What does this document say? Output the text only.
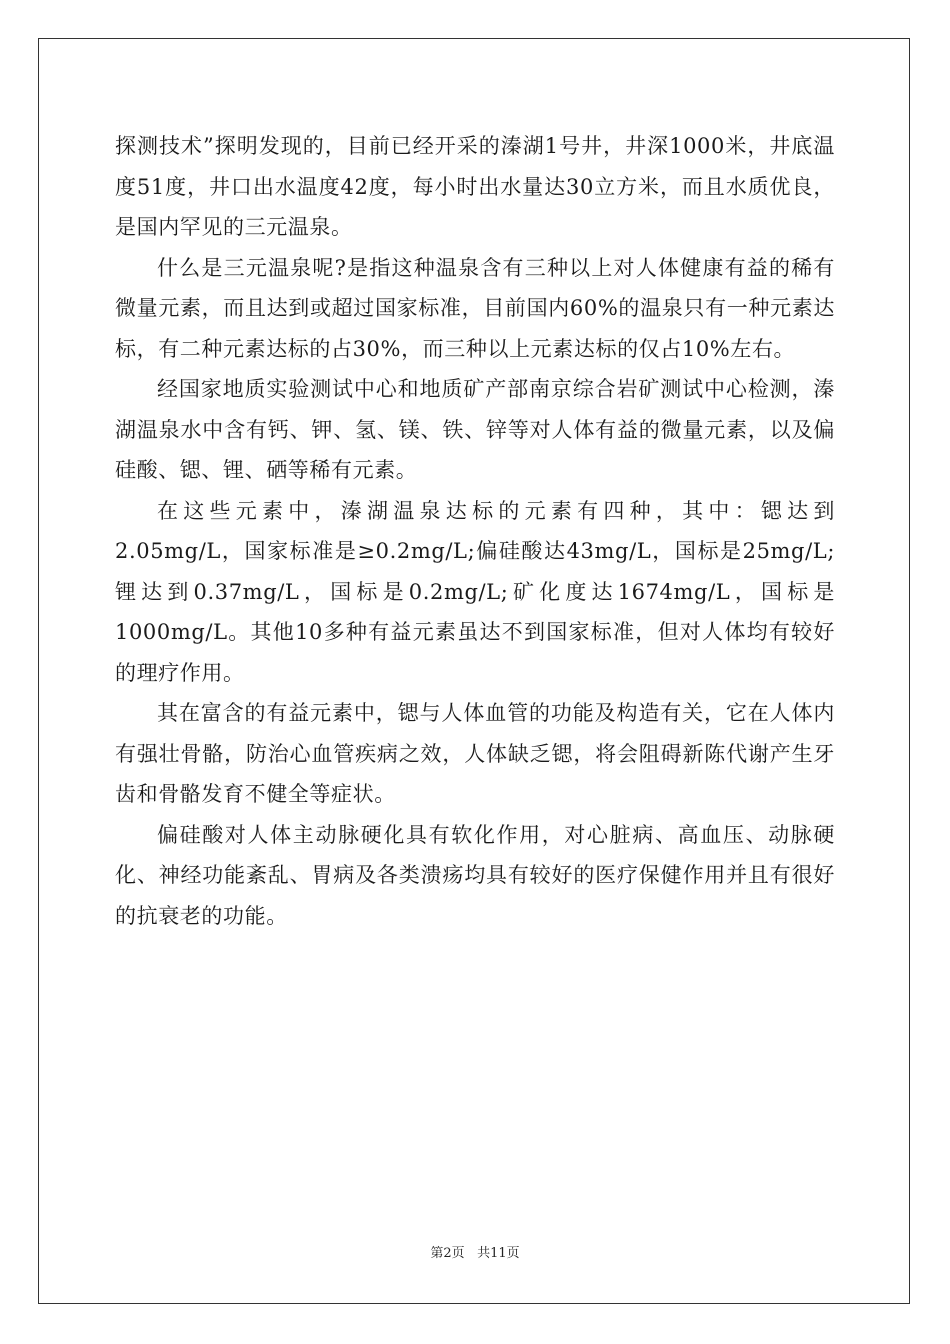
探测技术”探明发现的，目前已经开采的溱湖1号井，井深1000米，井底温度51度，井口出水温度42度，每小时出水量达30立方米，而且水质优良，是国内罕见的三元温泉。

什么是三元温泉呢?是指这种温泉含有三种以上对人体健康有益的稀有微量元素，而且达到或超过国家标准，目前国内60%的温泉只有一种元素达标，有二种元素达标的占30%，而三种以上元素达标的仅占10%左右。

经国家地质实验测试中心和地质矿产部南京综合岩矿测试中心检测，溱湖温泉水中含有钙、钾、氢、镁、铁、锌等对人体有益的微量元素，以及偏硅酸、锶、锂、硒等稀有元素。

在这些元素中，溱湖温泉达标的元素有四种，其中：锶达到2.05mg/L，国家标准是≥0.2mg/L;偏硅酸达43mg/L，国标是25mg/L;锂达到0.37mg/L，国标是0.2mg/L;矿化度达1674mg/L，国标是1000mg/L。其他10多种有益元素虽达不到国家标准，但对人体均有较好的理疗作用。

其在富含的有益元素中，锶与人体血管的功能及构造有关，它在人体内有强壮骨骼，防治心血管疾病之效，人体缺乏锶，将会阻碍新陈代谢产生牙齿和骨骼发育不健全等症状。

偏硅酸对人体主动脉硬化具有软化作用，对心脏病、高血压、动脉硬化、神经功能紊乱、胃病及各类溃疡均具有较好的医疗保健作用并且有很好的抗衰老的功能。

第2页 共11页
